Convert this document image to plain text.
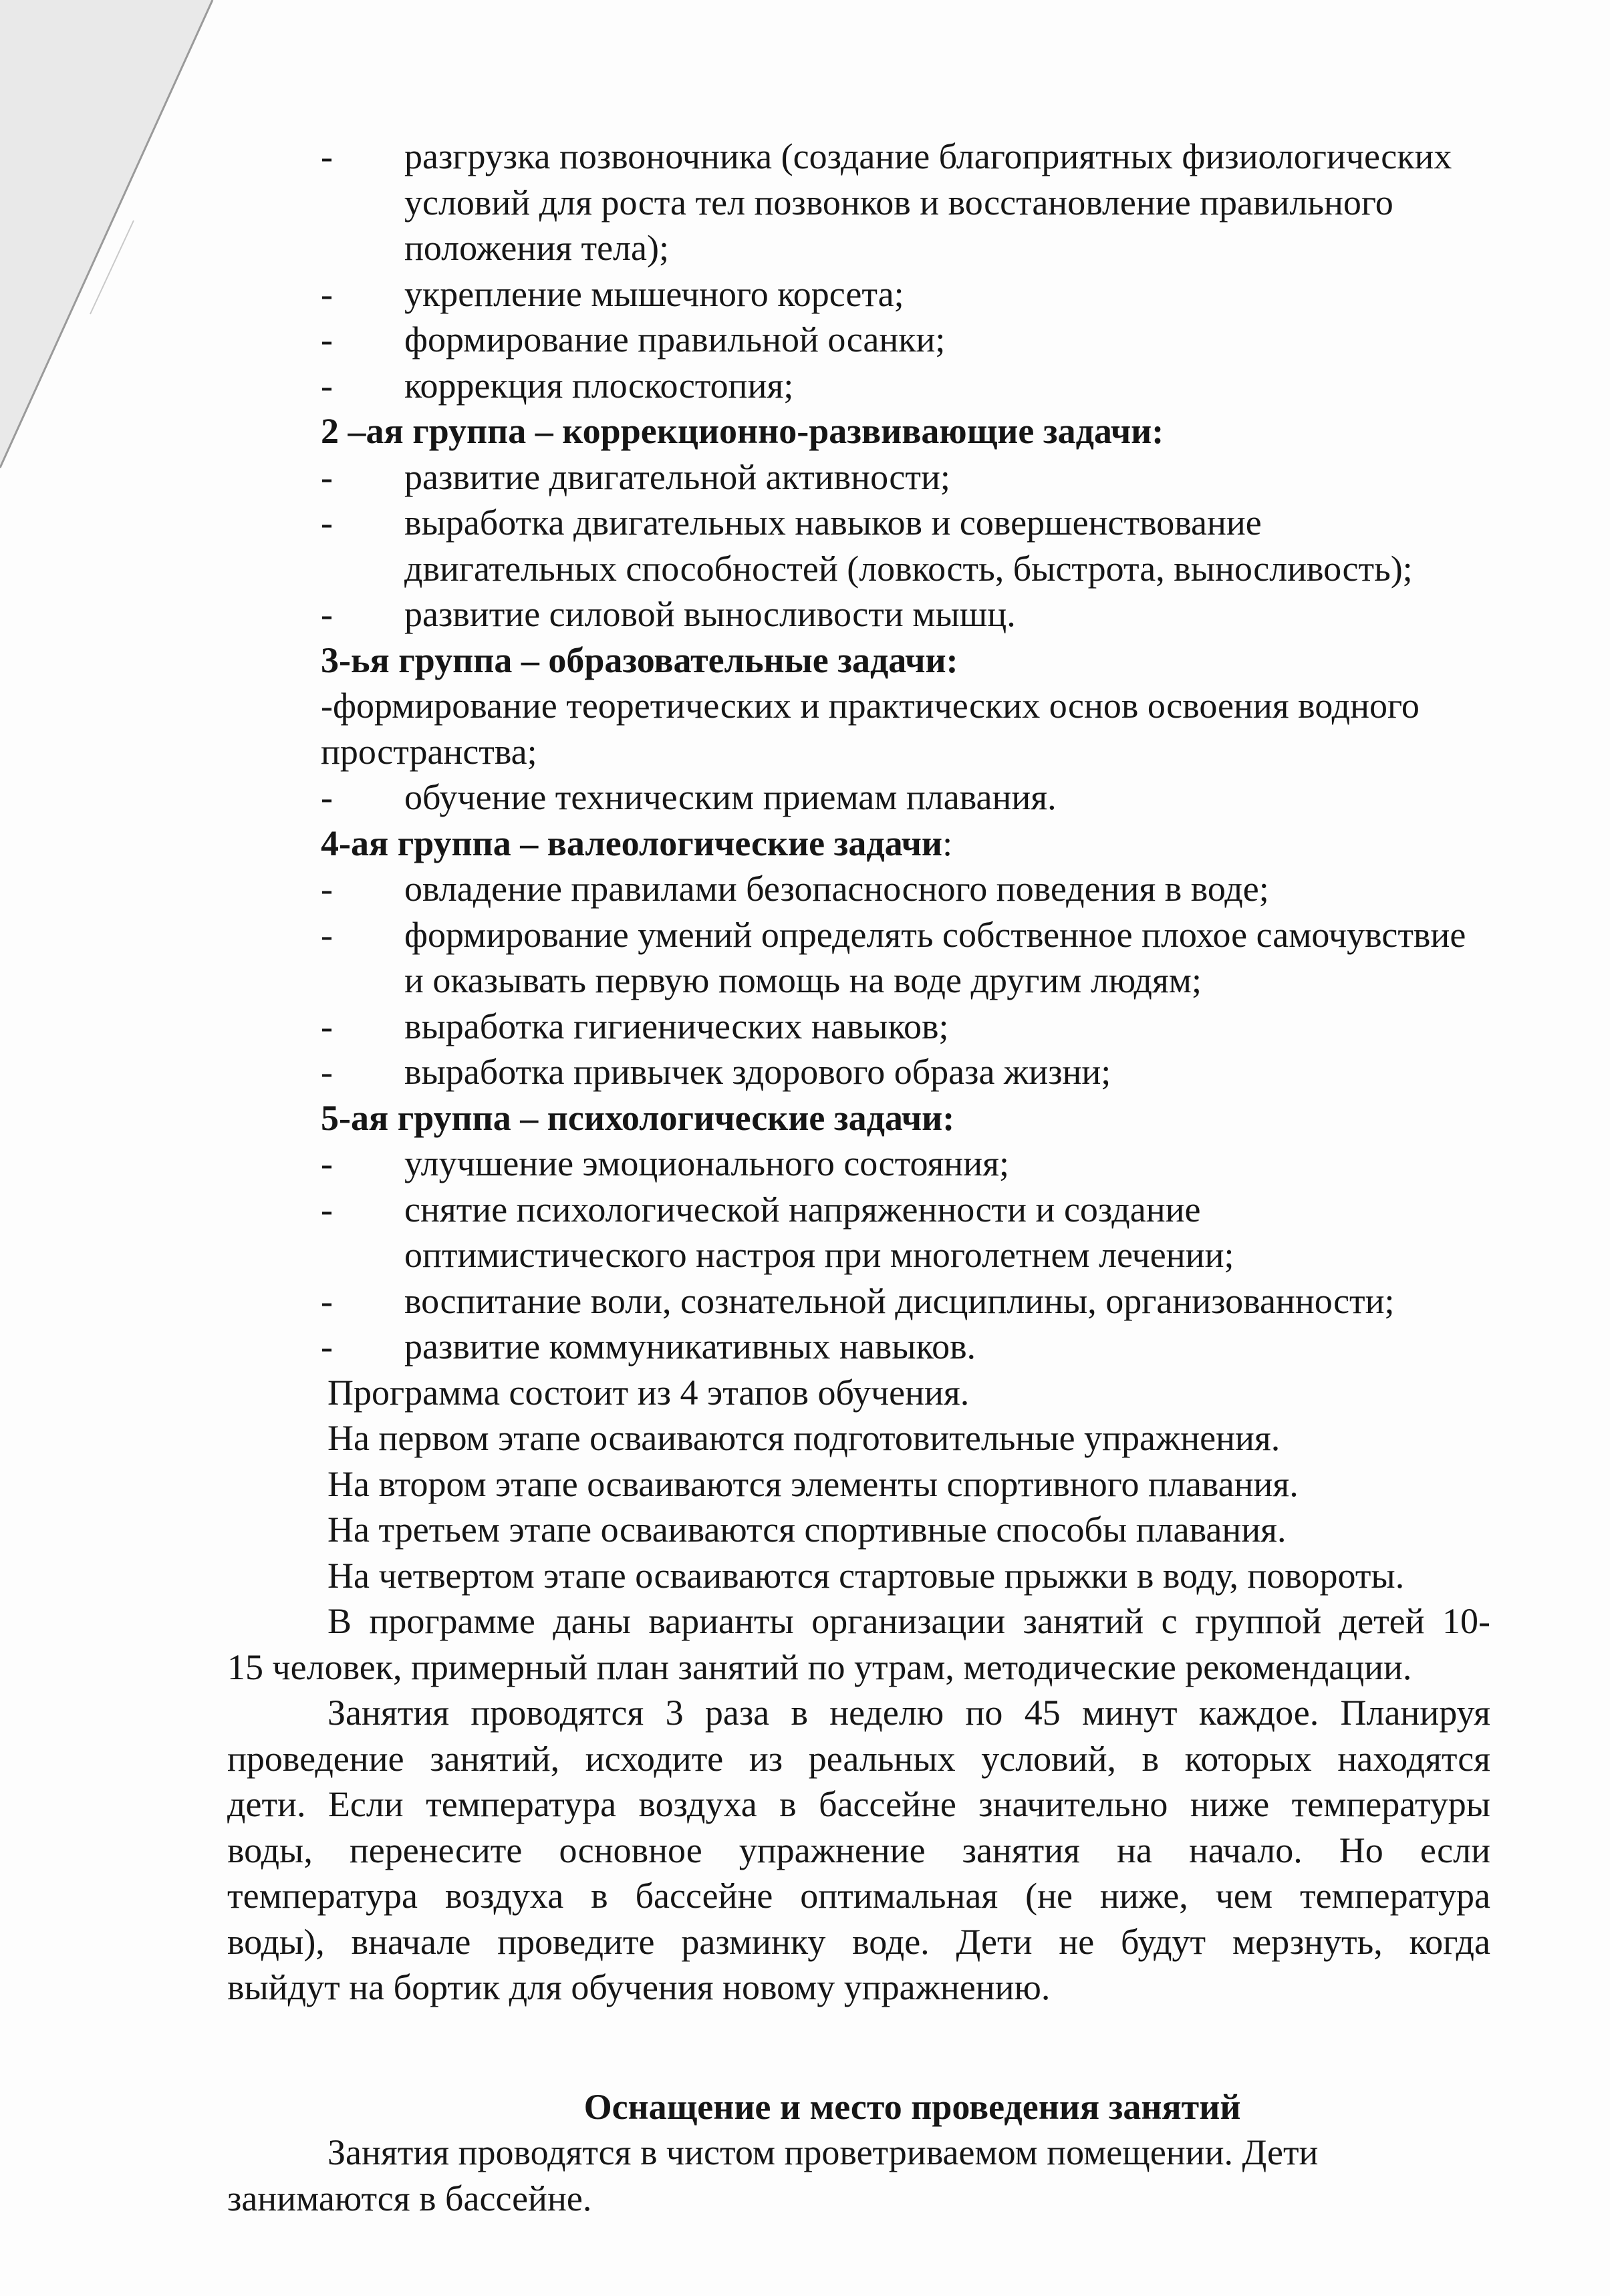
- разгрузка позвоночника (создание благоприятных физиологических
условий для роста тел позвонков и восстановление правильного
положения тела);
- укрепление мышечного корсета;
- формирование правильной осанки;
- коррекция плоскостопия;
2 –ая группа – коррекционно-развивающие задачи:
- развитие двигательной активности;
- выработка двигательных навыков и совершенствование
двигательных способностей (ловкость, быстрота, выносливость);
- развитие силовой выносливости мышц.
3-ья группа – образовательные задачи:
-формирование теоретических и практических основ освоения водного
пространства;
- обучение техническим приемам плавания.
4-ая группа – валеологические задачи:
- овладение правилами безопасносного поведения в воде;
- формирование умений определять собственное плохое самочувствие
и оказывать первую помощь на воде другим людям;
- выработка гигиенических навыков;
- выработка привычек здорового образа жизни;
5-ая группа – психологические задачи:
- улучшение эмоционального состояния;
- снятие психологической напряженности и создание
оптимистического настроя при многолетнем лечении;
- воспитание воли, сознательной дисциплины, организованности;
- развитие коммуникативных навыков.
Программа состоит из 4 этапов обучения.
На первом этапе осваиваются подготовительные упражнения.
На втором этапе осваиваются элементы спортивного плавания.
На третьем этапе осваиваются спортивные способы плавания.
На четвертом этапе осваиваются стартовые прыжки в воду, повороты.
В программе даны варианты организации занятий с группой детей 10-
15 человек, примерный план занятий по утрам, методические рекомендации.
Занятия проводятся 3 раза в неделю по 45 минут каждое. Планируя
проведение занятий, исходите из реальных условий, в которых находятся
дети. Если температура воздуха в бассейне значительно ниже температуры
воды, перенесите основное упражнение занятия на начало. Но если
температура воздуха в бассейне оптимальная (не ниже, чем температура
воды), вначале проведите разминку воде. Дети не будут мерзнуть, когда
выйдут на бортик для обучения новому упражнению.
Оснащение и место проведения занятий
Занятия проводятся в чистом проветриваемом помещении. Дети
занимаются в бассейне.
